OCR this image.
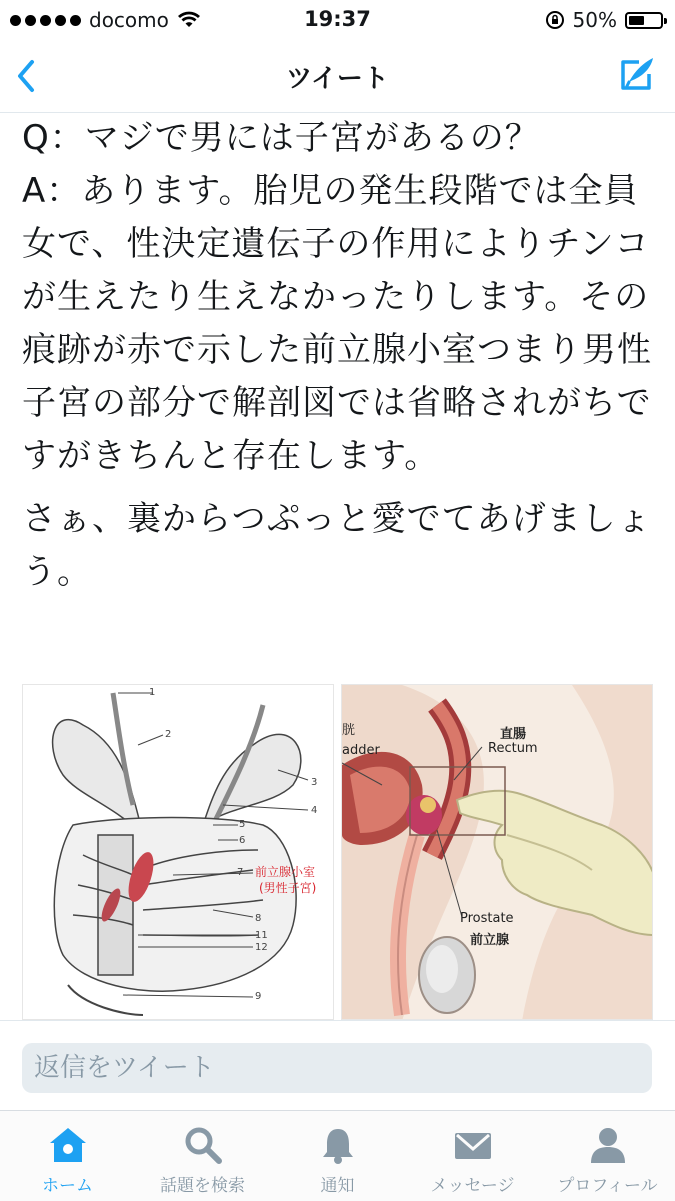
docomo	19:37	50%
ツイート

Q：マジで男には子宮があるの？
A：あります。胎児の発生段階では全員女で、性決定遺伝子の作用によりチンコが生えたり生えなかったりします。その痕跡が赤で示した前立腺小室つまり男性子宮の部分で解剖図では省略されがちですがきちんと存在します。

さぁ、裏からつぷっと愛でてあげましょう。

1
2
3
4
5
6
7
8
11
12
9
前立腺小室
(男性子宮)
胱
adder
直腸
Rectum
Prostate
前立腺
返信をツイート
ホーム	話題を検索	通知	メッセージ	プロフィール
